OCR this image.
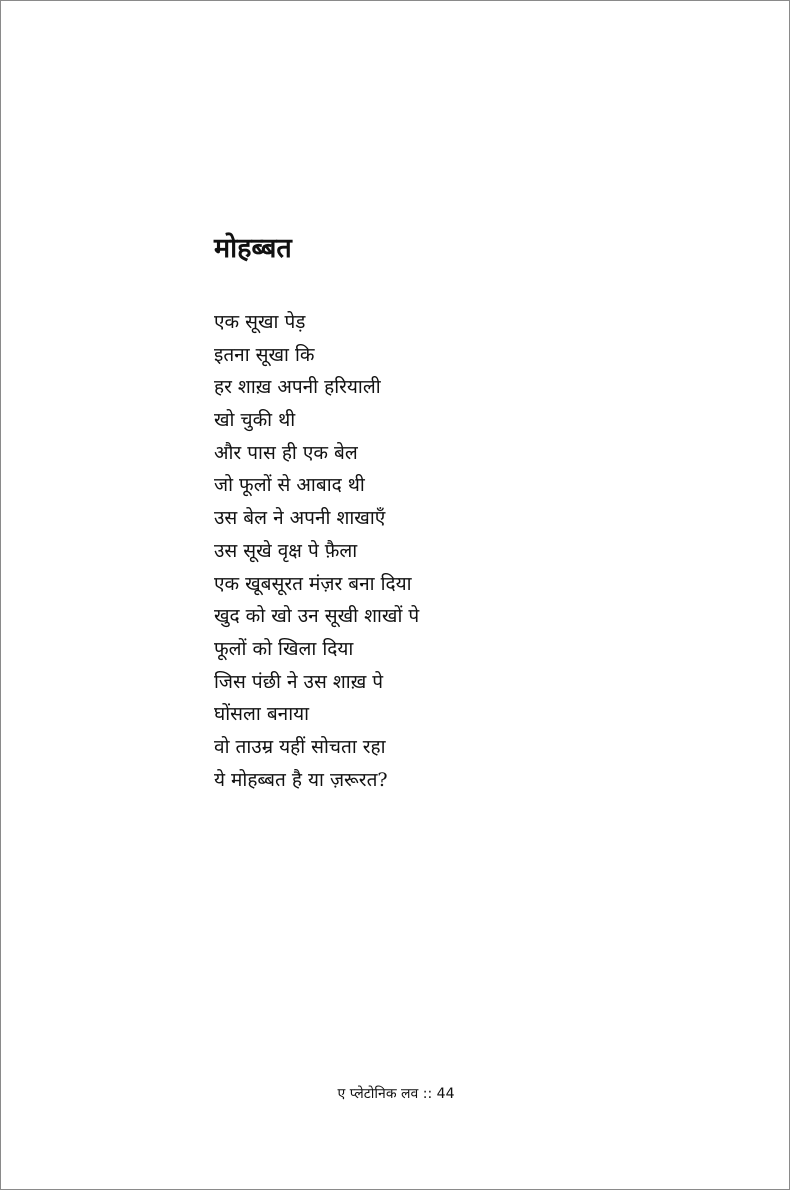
मोहब्बत
एक सूखा पेड़
इतना सूखा कि
हर शाख़ अपनी हरियाली
खो चुकी थी
और पास ही एक बेल
जो फूलों से आबाद थी
उस बेल ने अपनी शाखाएँ
उस सूखे वृक्ष पे फ़ैला
एक खूबसूरत मंज़र बना दिया
खुद को खो उन सूखी शाखों पे
फूलों को खिला दिया
जिस पंछी ने उस शाख़ पे
घोंसला बनाया
वो ताउम्र यहीं सोचता रहा
ये मोहब्बत है या ज़रूरत?
ए प्लेटोनिक लव :: 44
